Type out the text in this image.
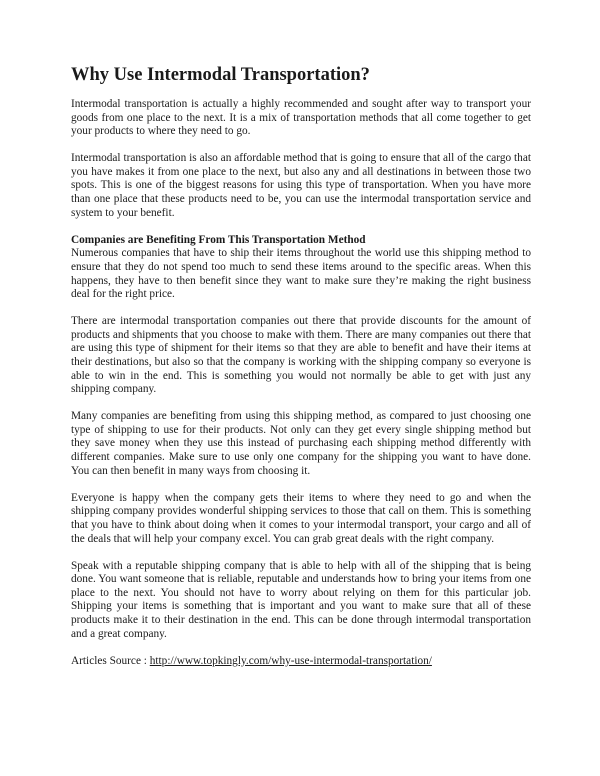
Why Use Intermodal Transportation?

Intermodal transportation is actually a highly recommended and sought after way to transport your goods from one place to the next. It is a mix of transportation methods that all come together to get your products to where they need to go.

Intermodal transportation is also an affordable method that is going to ensure that all of the cargo that you have makes it from one place to the next, but also any and all destinations in between those two spots. This is one of the biggest reasons for using this type of transportation. When you have more than one place that these products need to be, you can use the intermodal transportation service and system to your benefit.

Companies are Benefiting From This Transportation Method

Numerous companies that have to ship their items throughout the world use this shipping method to ensure that they do not spend too much to send these items around to the specific areas. When this happens, they have to then benefit since they want to make sure they’re making the right business deal for the right price.

There are intermodal transportation companies out there that provide discounts for the amount of products and shipments that you choose to make with them. There are many companies out there that are using this type of shipment for their items so that they are able to benefit and have their items at their destinations, but also so that the company is working with the shipping company so everyone is able to win in the end. This is something you would not normally be able to get with just any shipping company.

Many companies are benefiting from using this shipping method, as compared to just choosing one type of shipping to use for their products. Not only can they get every single shipping method but they save money when they use this instead of purchasing each shipping method differently with different companies. Make sure to use only one company for the shipping you want to have done. You can then benefit in many ways from choosing it.

Everyone is happy when the company gets their items to where they need to go and when the shipping company provides wonderful shipping services to those that call on them. This is something that you have to think about doing when it comes to your intermodal transport, your cargo and all of the deals that will help your company excel. You can grab great deals with the right company.

Speak with a reputable shipping company that is able to help with all of the shipping that is being done. You want someone that is reliable, reputable and understands how to bring your items from one place to the next. You should not have to worry about relying on them for this particular job. Shipping your items is something that is important and you want to make sure that all of these products make it to their destination in the end. This can be done through intermodal transportation and a great company.

Articles Source : http://www.topkingly.com/why-use-intermodal-transportation/
